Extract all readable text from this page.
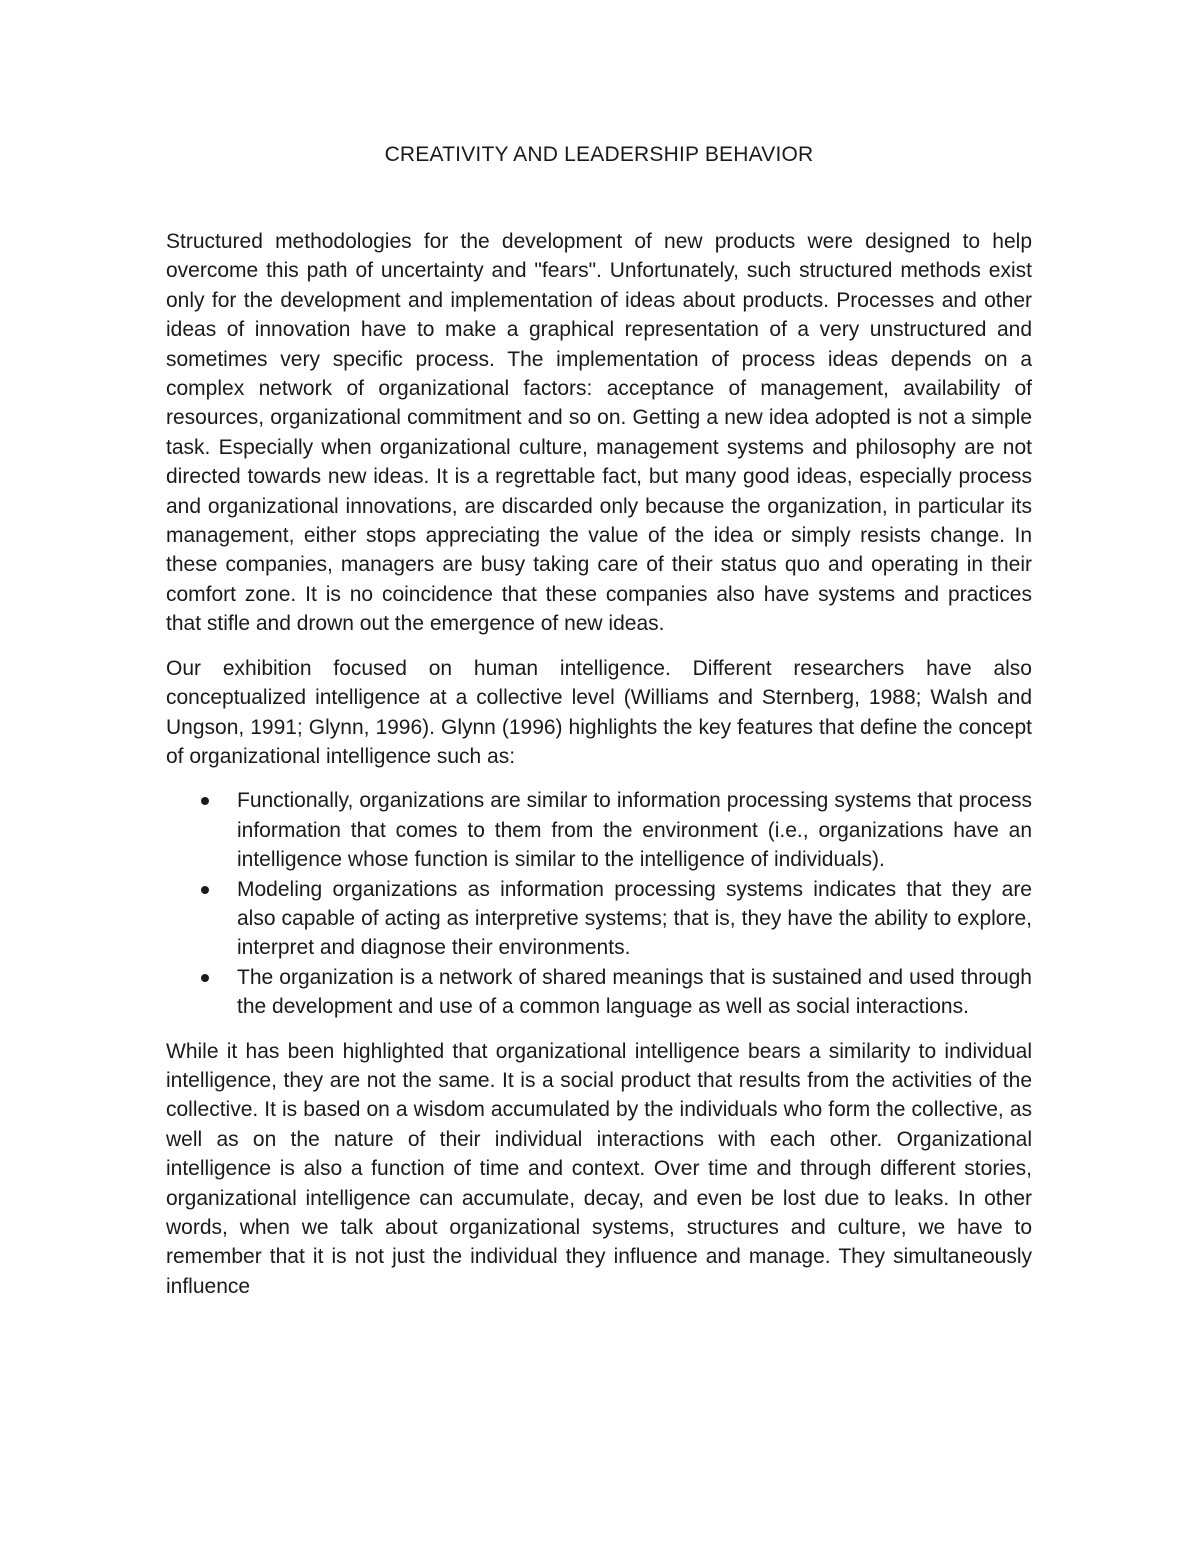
CREATIVITY AND LEADERSHIP BEHAVIOR

Structured methodologies for the development of new products were designed to help overcome this path of uncertainty and "fears". Unfortunately, such structured methods exist only for the development and implementation of ideas about products. Processes and other ideas of innovation have to make a graphical representation of a very unstructured and sometimes very specific process. The implementation of process ideas depends on a complex network of organizational factors: acceptance of management, availability of resources, organizational commitment and so on. Getting a new idea adopted is not a simple task. Especially when organizational culture, management systems and philosophy are not directed towards new ideas. It is a regrettable fact, but many good ideas, especially process and organizational innovations, are discarded only because the organization, in particular its management, either stops appreciating the value of the idea or simply resists change. In these companies, managers are busy taking care of their status quo and operating in their comfort zone. It is no coincidence that these companies also have systems and practices that stifle and drown out the emergence of new ideas.

Our exhibition focused on human intelligence. Different researchers have also conceptualized intelligence at a collective level (Williams and Sternberg, 1988; Walsh and Ungson, 1991; Glynn, 1996). Glynn (1996) highlights the key features that define the concept of organizational intelligence such as:

Functionally, organizations are similar to information processing systems that process information that comes to them from the environment (i.e., organizations have an intelligence whose function is similar to the intelligence of individuals).
Modeling organizations as information processing systems indicates that they are also capable of acting as interpretive systems; that is, they have the ability to explore, interpret and diagnose their environments.
The organization is a network of shared meanings that is sustained and used through the development and use of a common language as well as social interactions.

While it has been highlighted that organizational intelligence bears a similarity to individual intelligence, they are not the same. It is a social product that results from the activities of the collective. It is based on a wisdom accumulated by the individuals who form the collective, as well as on the nature of their individual interactions with each other. Organizational intelligence is also a function of time and context. Over time and through different stories, organizational intelligence can accumulate, decay, and even be lost due to leaks. In other words, when we talk about organizational systems, structures and culture, we have to remember that it is not just the individual they influence and manage. They simultaneously influence
